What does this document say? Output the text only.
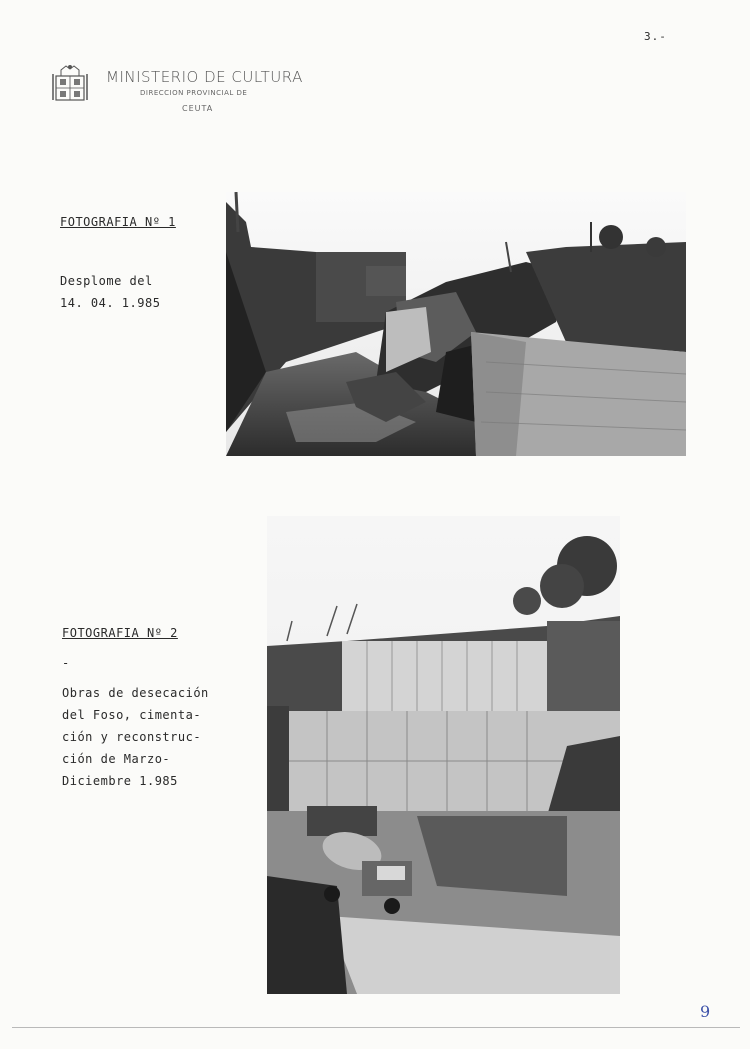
3.-
MINISTERIO DE CULTURA
DIRECCION PROVINCIAL DE
CEUTA
FOTOGRAFIA Nº 1
Desplome del
14. 04. 1.985
FOTOGRAFIA Nº 2
-
Obras de desecación
del Foso, cimenta-
ción y reconstruc-
ción de Marzo-
Diciembre 1.985
9
